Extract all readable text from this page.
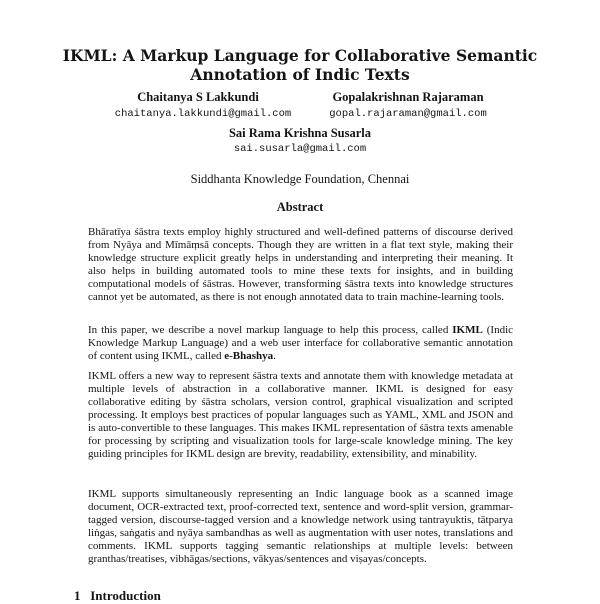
IKML: A Markup Language for Collaborative Semantic Annotation of Indic Texts
Chaitanya S Lakkundi
chaitanya.lakkundi@gmail.com
Gopalakrishnan Rajaraman
gopal.rajaraman@gmail.com
Sai Rama Krishna Susarla
sai.susarla@gmail.com
Siddhanta Knowledge Foundation, Chennai
Abstract

Bhāratīya śāstra texts employ highly structured and well-defined patterns of discourse derived from Nyāya and Mīmāṃsā concepts. Though they are written in a flat text style, making their knowledge structure explicit greatly helps in understanding and interpreting their meaning. It also helps in building automated tools to mine these texts for insights, and in building computational models of śāstras. However, transforming śāstra texts into knowledge structures cannot yet be automated, as there is not enough annotated data to train machine-learning tools.

In this paper, we describe a novel markup language to help this process, called IKML (Indic Knowledge Markup Language) and a web user interface for collaborative semantic annotation of content using IKML, called e-Bhashya.

IKML offers a new way to represent śāstra texts and annotate them with knowledge metadata at multiple levels of abstraction in a collaborative manner. IKML is designed for easy collaborative editing by śāstra scholars, version control, graphical visualization and scripted processing. It employs best practices of popular languages such as YAML, XML and JSON and is auto-convertible to these languages. This makes IKML representation of śāstra texts amenable for processing by scripting and visualization tools for large-scale knowledge mining. The key guiding principles for IKML design are brevity, readability, extensibility, and minability.

IKML supports simultaneously representing an Indic language book as a scanned image document, OCR-extracted text, proof-corrected text, sentence and word-split version, grammar-tagged version, discourse-tagged version and a knowledge network using tantrayuktis, tātparya liṅgas, saṅgatis and nyāya sambandhas as well as augmentation with user notes, translations and comments. IKML supports tagging semantic relationships at multiple levels: between granthas/treatises, vibhāgas/sections, vākyas/sentences and viṣayas/concepts.

1 Introduction
